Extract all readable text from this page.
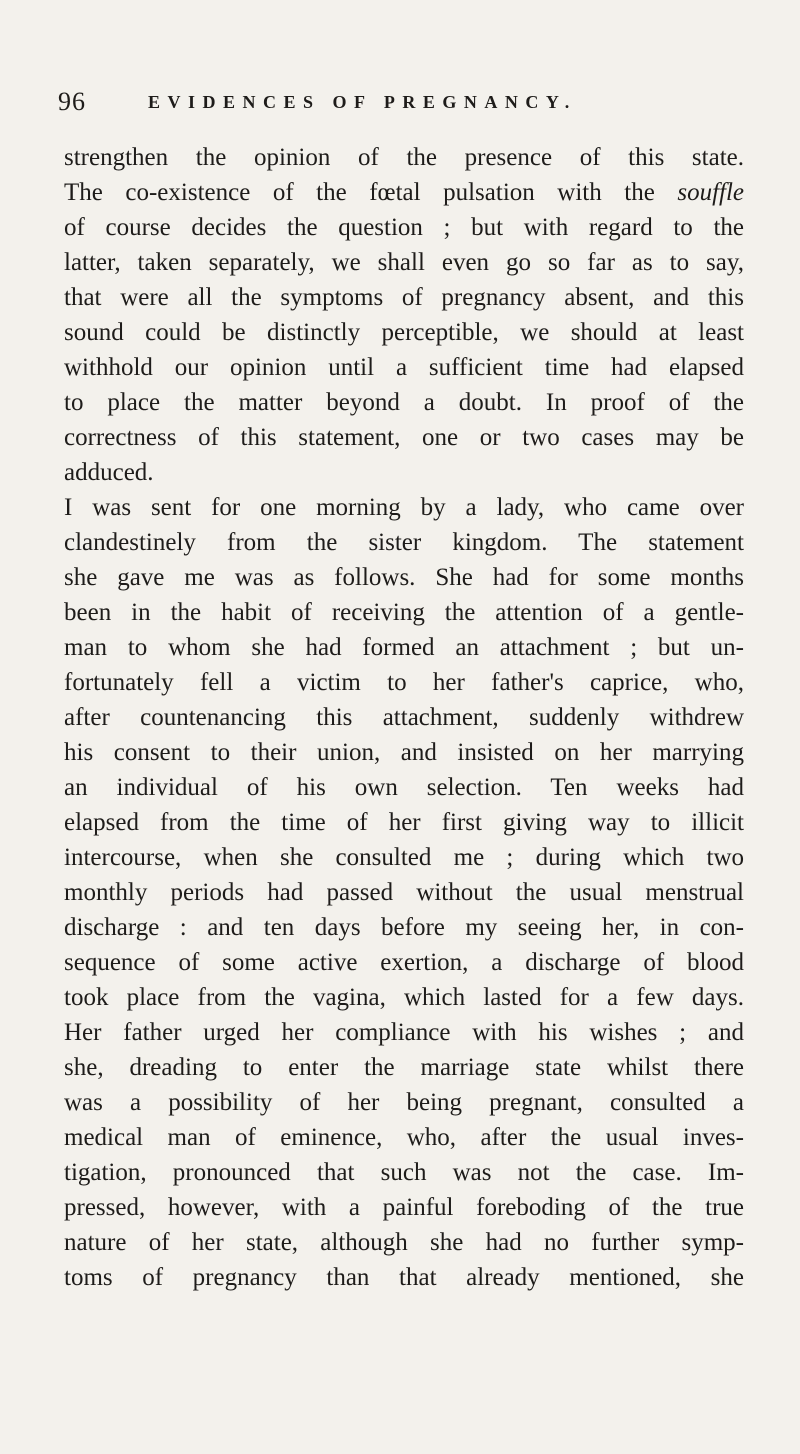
96	EVIDENCES OF PREGNANCY.
strengthen the opinion of the presence of this state.
The co-existence of the fœtal pulsation with the souffle
of course decides the question ; but with regard to the
latter, taken separately, we shall even go so far as to say,
that were all the symptoms of pregnancy absent, and this
sound could be distinctly perceptible, we should at least
withhold our opinion until a sufficient time had elapsed
to place the matter beyond a doubt. In proof of the
correctness of this statement, one or two cases may be
adduced.
I was sent for one morning by a lady, who came over
clandestinely from the sister kingdom. The statement
she gave me was as follows. She had for some months
been in the habit of receiving the attention of a gentle-
man to whom she had formed an attachment ; but un-
fortunately fell a victim to her father's caprice, who,
after countenancing this attachment, suddenly withdrew
his consent to their union, and insisted on her marrying
an individual of his own selection. Ten weeks had
elapsed from the time of her first giving way to illicit
intercourse, when she consulted me ; during which two
monthly periods had passed without the usual menstrual
discharge : and ten days before my seeing her, in con-
sequence of some active exertion, a discharge of blood
took place from the vagina, which lasted for a few days.
Her father urged her compliance with his wishes ; and
she, dreading to enter the marriage state whilst there
was a possibility of her being pregnant, consulted a
medical man of eminence, who, after the usual inves-
tigation, pronounced that such was not the case. Im-
pressed, however, with a painful foreboding of the true
nature of her state, although she had no further symp-
toms of pregnancy than that already mentioned, she
